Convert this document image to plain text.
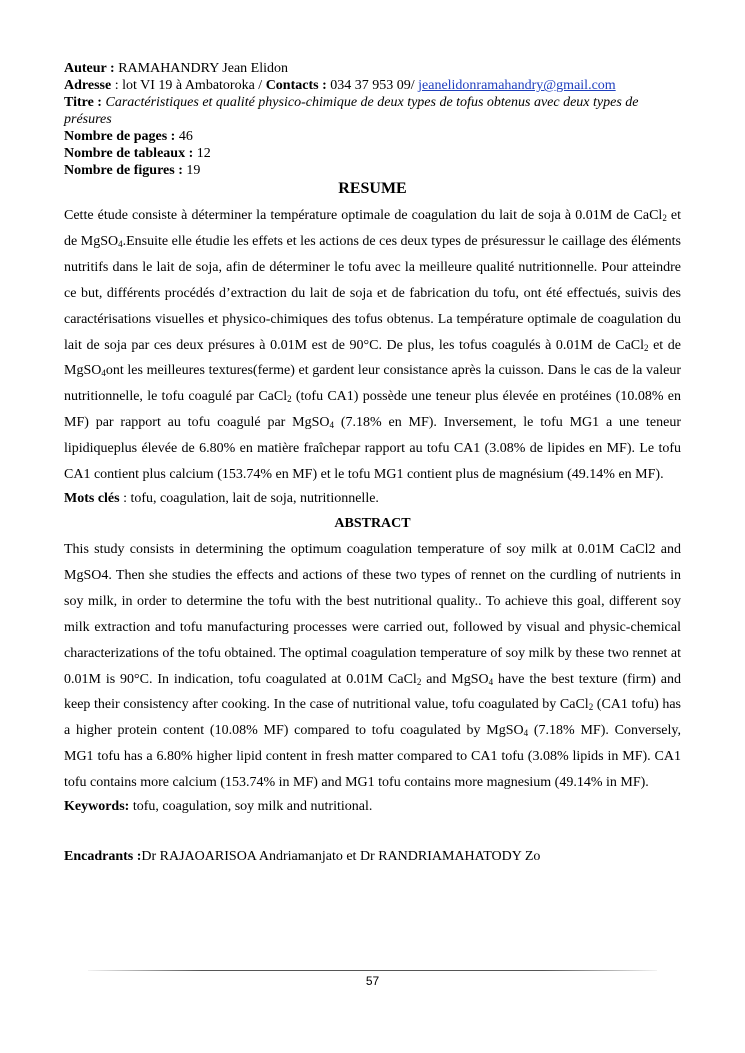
Auteur : RAMAHANDRY Jean Elidon
Adresse : lot VI 19 à Ambatoroka / Contacts : 034 37 953 09/ jeanelidonramahandry@gmail.com
Titre : Caractéristiques et qualité physico-chimique de deux types de tofus obtenus avec deux types de présures
Nombre de pages : 46
Nombre de tableaux : 12
Nombre de figures : 19
RESUME
Cette étude consiste à déterminer la température optimale de coagulation du lait de soja à 0.01M de CaCl$_2$ et de MgSO$_4$.Ensuite elle étudie les effets et les actions de ces deux types de présuressur le caillage des éléments nutritifs dans le lait de soja, afin de déterminer le tofu avec la meilleure qualité nutritionnelle. Pour atteindre ce but, différents procédés d’extraction du lait de soja et de fabrication du tofu, ont été effectués, suivis des caractérisations visuelles et physico-chimiques des tofus obtenus. La température optimale de coagulation du lait de soja par ces deux présures à 0.01M est de 90°C. De plus, les tofus coagulés à 0.01M de CaCl$_2$ et de MgSO$_4$ont les meilleures textures(ferme) et gardent leur consistance après la cuisson. Dans le cas de la valeur nutritionnelle, le tofu coagulé par CaCl$_2$ (tofu CA1) possède une teneur plus élevée en protéines (10.08% en MF) par rapport au tofu coagulé par MgSO$_4$ (7.18% en MF). Inversement, le tofu MG1 a une teneur lipidiqueplus élevée de 6.80% en matière fraîchepar rapport au tofu CA1 (3.08% de lipides en MF). Le tofu CA1 contient plus calcium (153.74% en MF) et le tofu MG1 contient plus de magnésium (49.14% en MF).
Mots clés : tofu, coagulation, lait de soja, nutritionnelle.
ABSTRACT
This study consists in determining the optimum coagulation temperature of soy milk at 0.01M CaCl2 and MgSO4. Then she studies the effects and actions of these two types of rennet on the curdling of nutrients in soy milk, in order to determine the tofu with the best nutritional quality.. To achieve this goal, different soy milk extraction and tofu manufacturing processes were carried out, followed by visual and physic-chemical characterizations of the tofu obtained. The optimal coagulation temperature of soy milk by these two rennet at 0.01M is 90°C. In indication, tofu coagulated at 0.01M CaCl$_2$ and MgSO$_4$ have the best texture (firm) and keep their consistency after cooking. In the case of nutritional value, tofu coagulated by CaCl$_2$ (CA1 tofu) has a higher protein content (10.08% MF) compared to tofu coagulated by MgSO$_4$ (7.18% MF). Conversely, MG1 tofu has a 6.80% higher lipid content in fresh matter compared to CA1 tofu (3.08% lipids in MF). CA1 tofu contains more calcium (153.74% in MF) and MG1 tofu contains more magnesium (49.14% in MF).
Keywords: tofu, coagulation, soy milk and nutritional.
Encadrants :Dr RAJAOARISOA Andriamanjato et Dr RANDRIAMAHATODY Zo
57
